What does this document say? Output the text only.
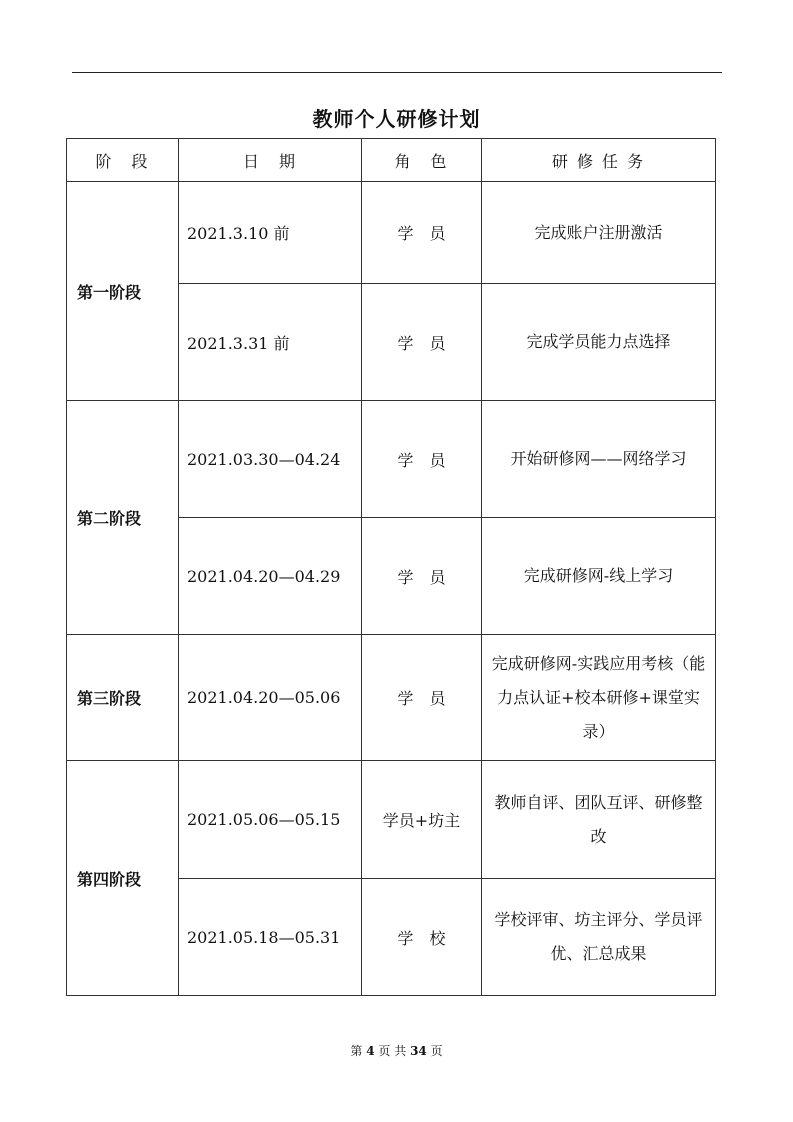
教师个人研修计划
阶　段	日　期	角　色	研 修 任 务
第一阶段	2021.3.10 前	学　员	完成账户注册激活
	2021.3.31 前	学　员	完成学员能力点选择
第二阶段	2021.03.30—04.24	学　员	开始研修网——网络学习
	2021.04.20—04.29	学　员	完成研修网-线上学习
第三阶段	2021.04.20—05.06	学　员	完成研修网-实践应用考核（能力点认证+校本研修+课堂实录）
第四阶段	2021.05.06—05.15	学员+坊主	教师自评、团队互评、研修整改
	2021.05.18—05.31	学　校	学校评审、坊主评分、学员评优、汇总成果
第 4 页 共 34 页
